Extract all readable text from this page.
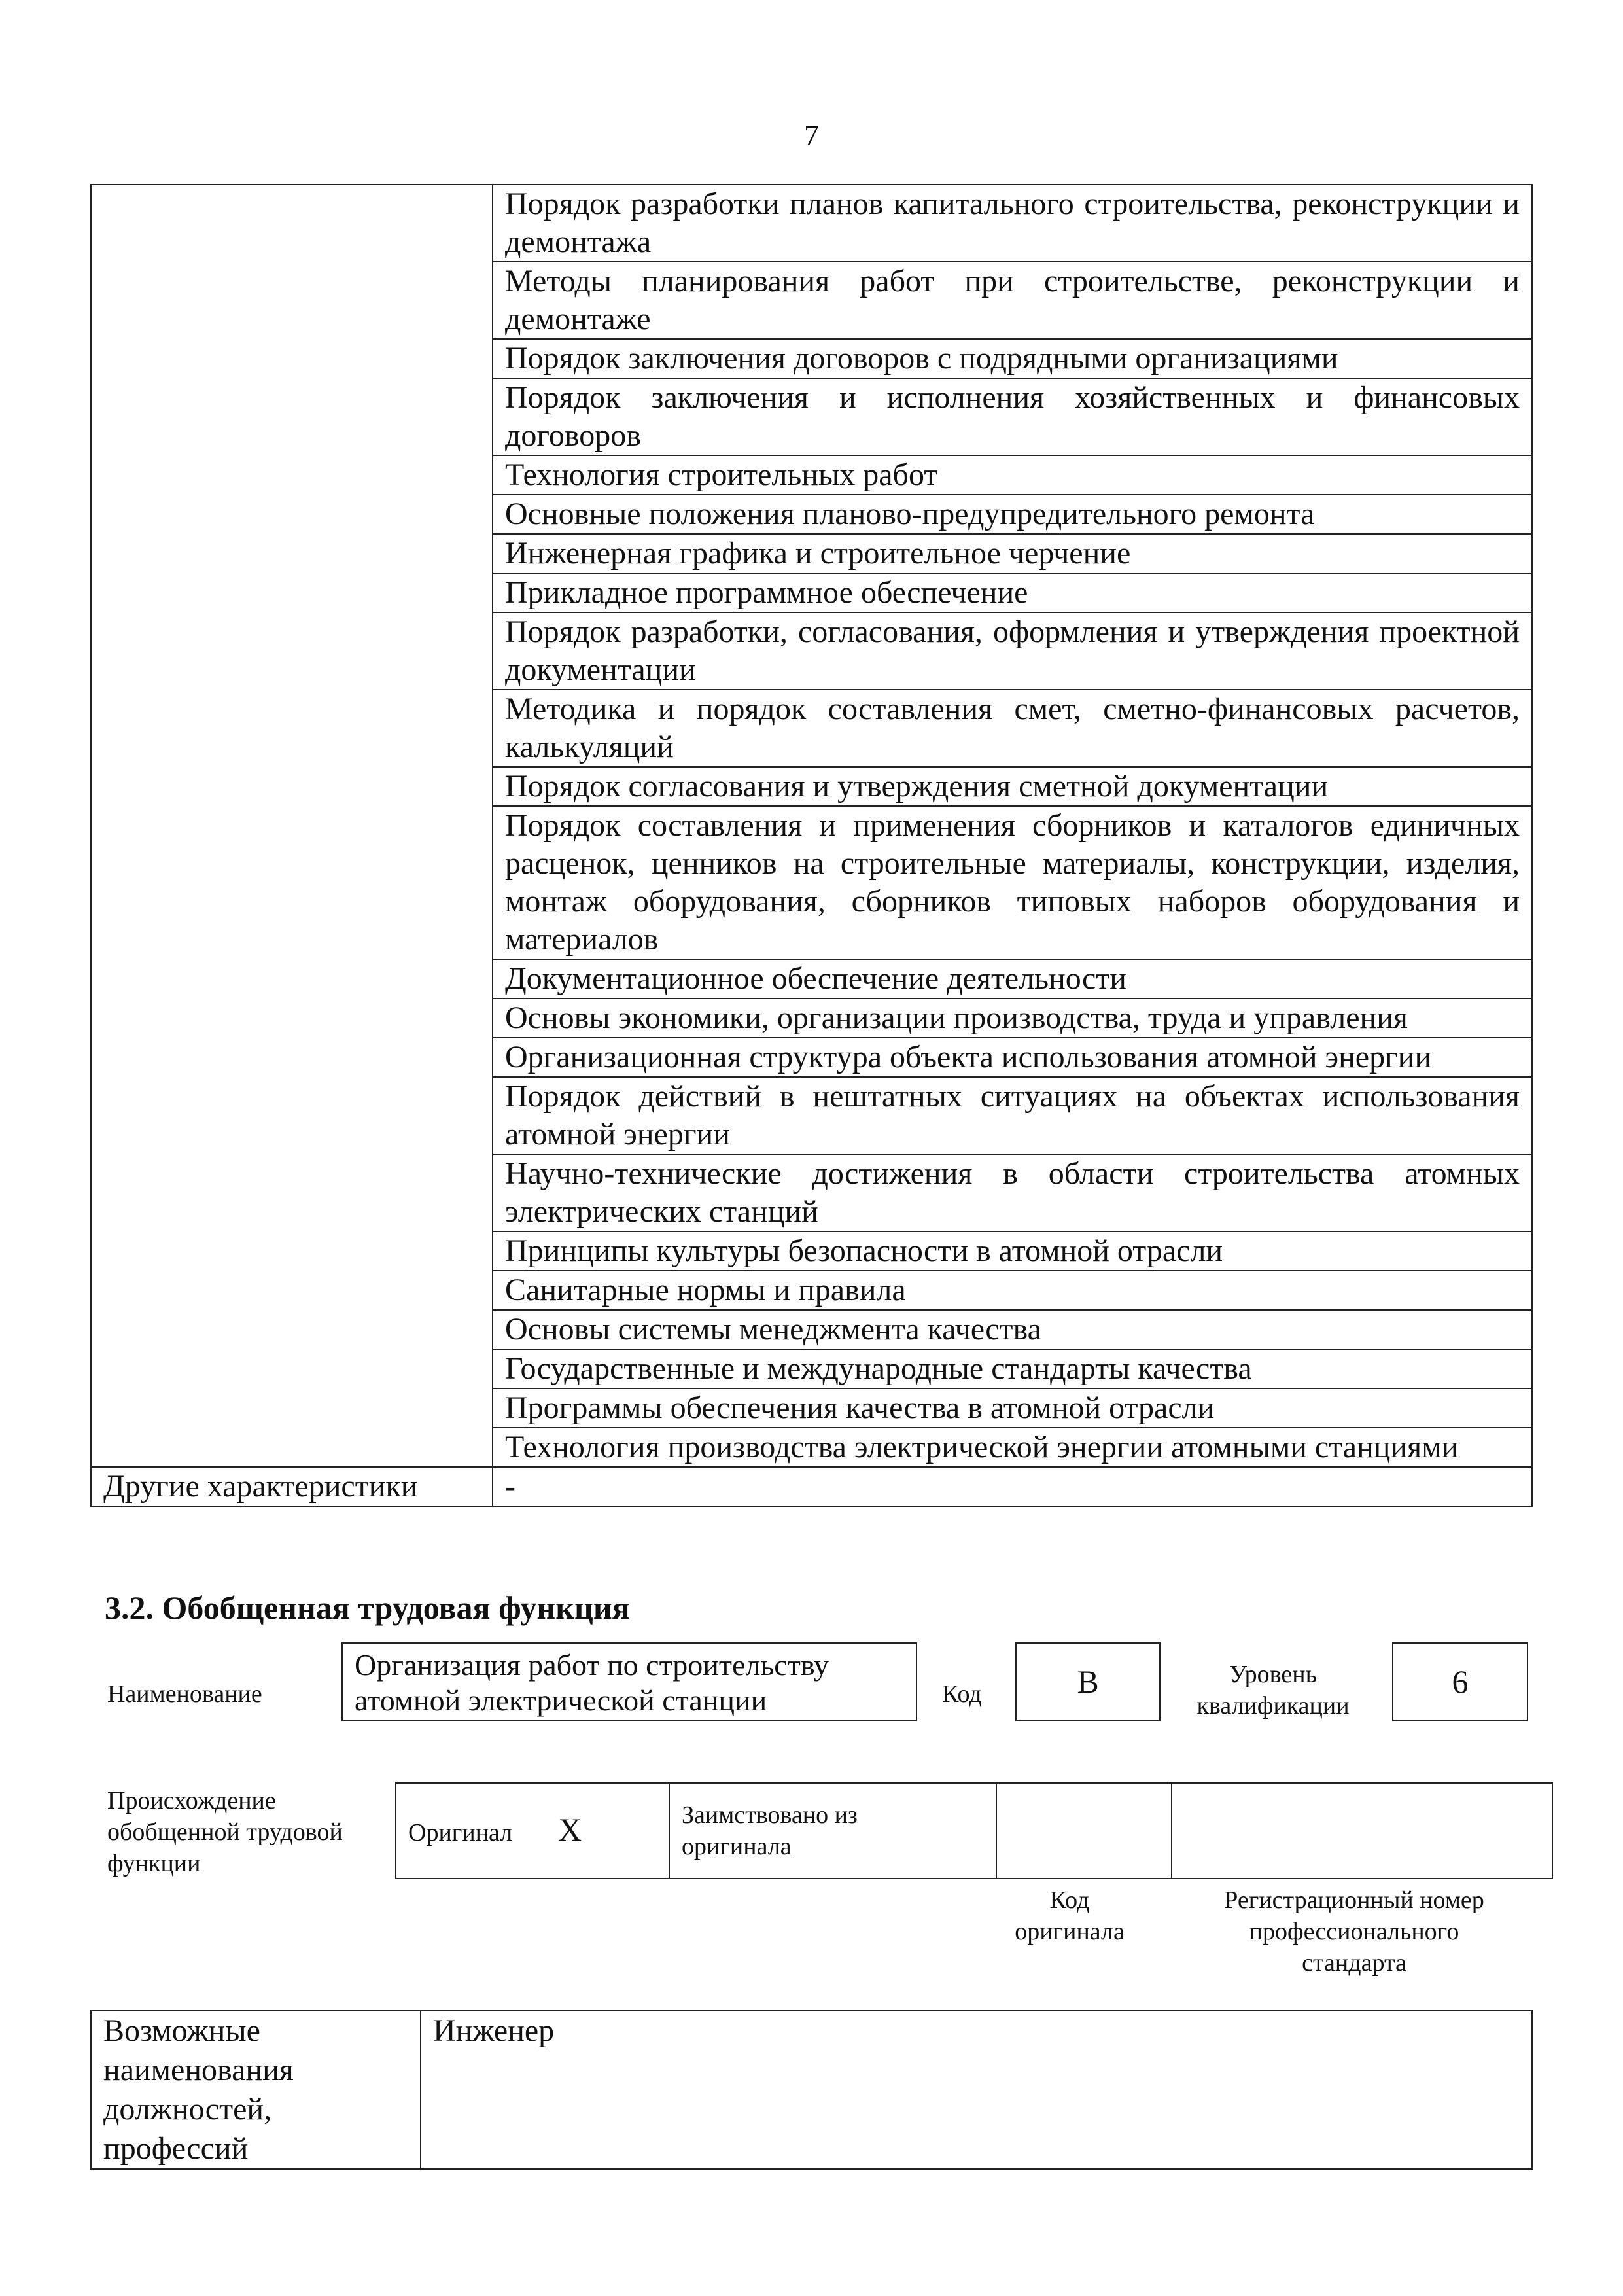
7
	Порядок разработки планов капитального строительства, реконструкции и демонтажа
	Методы планирования работ при строительстве, реконструкции и демонтаже
	Порядок заключения договоров с подрядными организациями
	Порядок заключения и исполнения хозяйственных и финансовых договоров
	Технология строительных работ
	Основные положения планово-предупредительного ремонта
	Инженерная графика и строительное черчение
	Прикладное программное обеспечение
	Порядок разработки, согласования, оформления и утверждения проектной документации
	Методика и порядок составления смет, сметно-финансовых расчетов, калькуляций
	Порядок согласования и утверждения сметной документации
	Порядок составления и применения сборников и каталогов единичных расценок, ценников на строительные материалы, конструкции, изделия, монтаж оборудования, сборников типовых наборов оборудования и материалов
	Документационное обеспечение деятельности
	Основы экономики, организации производства, труда и управления
	Организационная структура объекта использования атомной энергии
	Порядок действий в нештатных ситуациях на объектах использования атомной энергии
	Научно-технические достижения в области строительства атомных электрических станций
	Принципы культуры безопасности в атомной отрасли
	Санитарные нормы и правила
	Основы системы менеджмента качества
	Государственные и международные стандарты качества
	Программы обеспечения качества в атомной отрасли
	Технология производства электрической энергии атомными станциями
Другие характеристики	-
3.2. Обобщенная трудовая функция
Наименование
Организация работ по строительству
атомной электрической станции	Код	B	Уровень
квалификации
6
Происхождение
обобщенной трудовой
функции
Оригинал X	Заимствовано из
оригинала

Код
оригинала
Регистрационный номер
профессионального
стандарта
Возможные
наименования
должностей,
профессий
	Инженер
